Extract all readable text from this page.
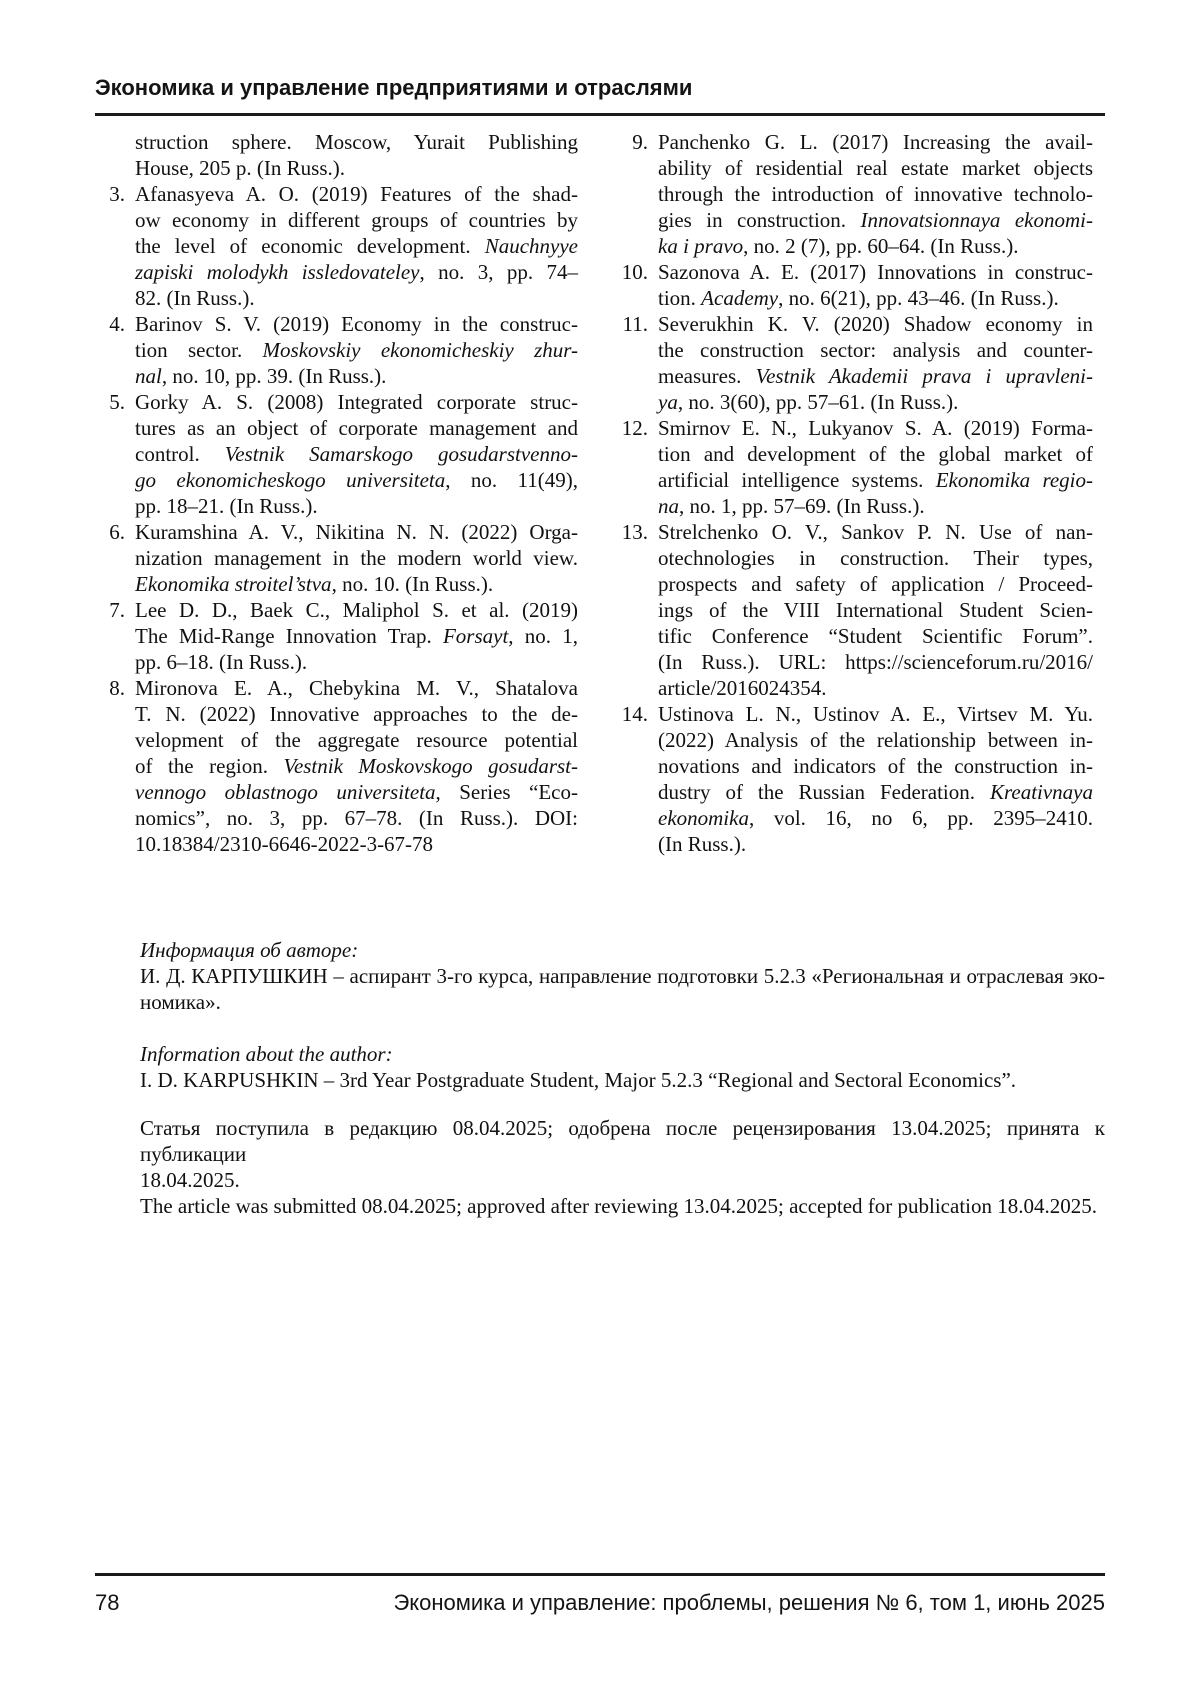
Экономика и управление предприятиями и отраслями
struction sphere. Moscow, Yurait Publishing
House, 205 p. (In Russ.).
3. Afanasyeva A. O. (2019) Features of the shad-
ow economy in different groups of countries by
the level of economic development. Nauchnyye
zapiski molodykh issledovateley, no. 3, pp. 74–
82. (In Russ.).
4. Barinov S. V. (2019) Economy in the construc-
tion sector. Moskovskiy ekonomicheskiy zhur-
nal, no. 10, pp. 39. (In Russ.).
5. Gorky A. S. (2008) Integrated corporate struc-
tures as an object of corporate management and
control. Vestnik Samarskogo gosudarstvenno-
go ekonomicheskogo universiteta, no. 11(49),
pp. 18–21. (In Russ.).
6. Kuramshina A. V., Nikitina N. N. (2022) Orga-
nization management in the modern world view.
Ekonomika stroitel’stva, no. 10. (In Russ.).
7. Lee D. D., Baek C., Maliphol S. et al. (2019)
The Mid-Range Innovation Trap. Forsayt, no. 1,
pp. 6–18. (In Russ.).
8. Mironova E. A., Chebykina M. V., Shatalova
T. N. (2022) Innovative approaches to the de-
velopment of the aggregate resource potential
of the region. Vestnik Moskovskogo gosudarst-
vennogo oblastnogo universiteta, Series “Eco-
nomics”, no. 3, pp. 67–78. (In Russ.). DOI:
10.18384/2310-6646-2022-3-67-78
9. Panchenko G. L. (2017) Increasing the avail-
ability of residential real estate market objects
through the introduction of innovative technolo-
gies in construction. Innovatsionnaya ekonomi-
ka i pravo, no. 2 (7), pp. 60–64. (In Russ.).
10. Sazonova A. E. (2017) Innovations in construc-
tion. Academy, no. 6(21), pp. 43–46. (In Russ.).
11. Severukhin K. V. (2020) Shadow economy in
the construction sector: analysis and counter-
measures. Vestnik Akademii prava i upravleni-
ya, no. 3(60), pp. 57–61. (In Russ.).
12. Smirnov E. N., Lukyanov S. A. (2019) Forma-
tion and development of the global market of
artificial intelligence systems. Ekonomika regio-
na, no. 1, pp. 57–69. (In Russ.).
13. Strelchenko O. V., Sankov P. N. Use of nan-
otechnologies in construction. Their types,
prospects and safety of application / Proceed-
ings of the VIII International Student Scien-
tific Conference “Student Scientific Forum”.
(In Russ.). URL: https://scienceforum.ru/2016/
article/2016024354.
14. Ustinova L. N., Ustinov A. E., Virtsev M. Yu.
(2022) Analysis of the relationship between in-
novations and indicators of the construction in-
dustry of the Russian Federation. Kreativnaya
ekonomika, vol. 16, no 6, pp. 2395–2410.
(In Russ.).
Информация об авторе:
И. Д. КАРПУШКИН – аспирант 3-го курса, направление подготовки 5.2.3 «Региональная и отраслевая эко-
номика».
Information about the author:
I. D. KARPUSHKIN – 3rd Year Postgraduate Student, Major 5.2.3 “Regional and Sectoral Economics”.
Статья поступила в редакцию 08.04.2025; одобрена после рецензирования 13.04.2025; принята к публикации
18.04.2025.
The article was submitted 08.04.2025; approved after reviewing 13.04.2025; accepted for publication 18.04.2025.
78	Экономика и управление: проблемы, решения № 6, том 1, июнь 2025
